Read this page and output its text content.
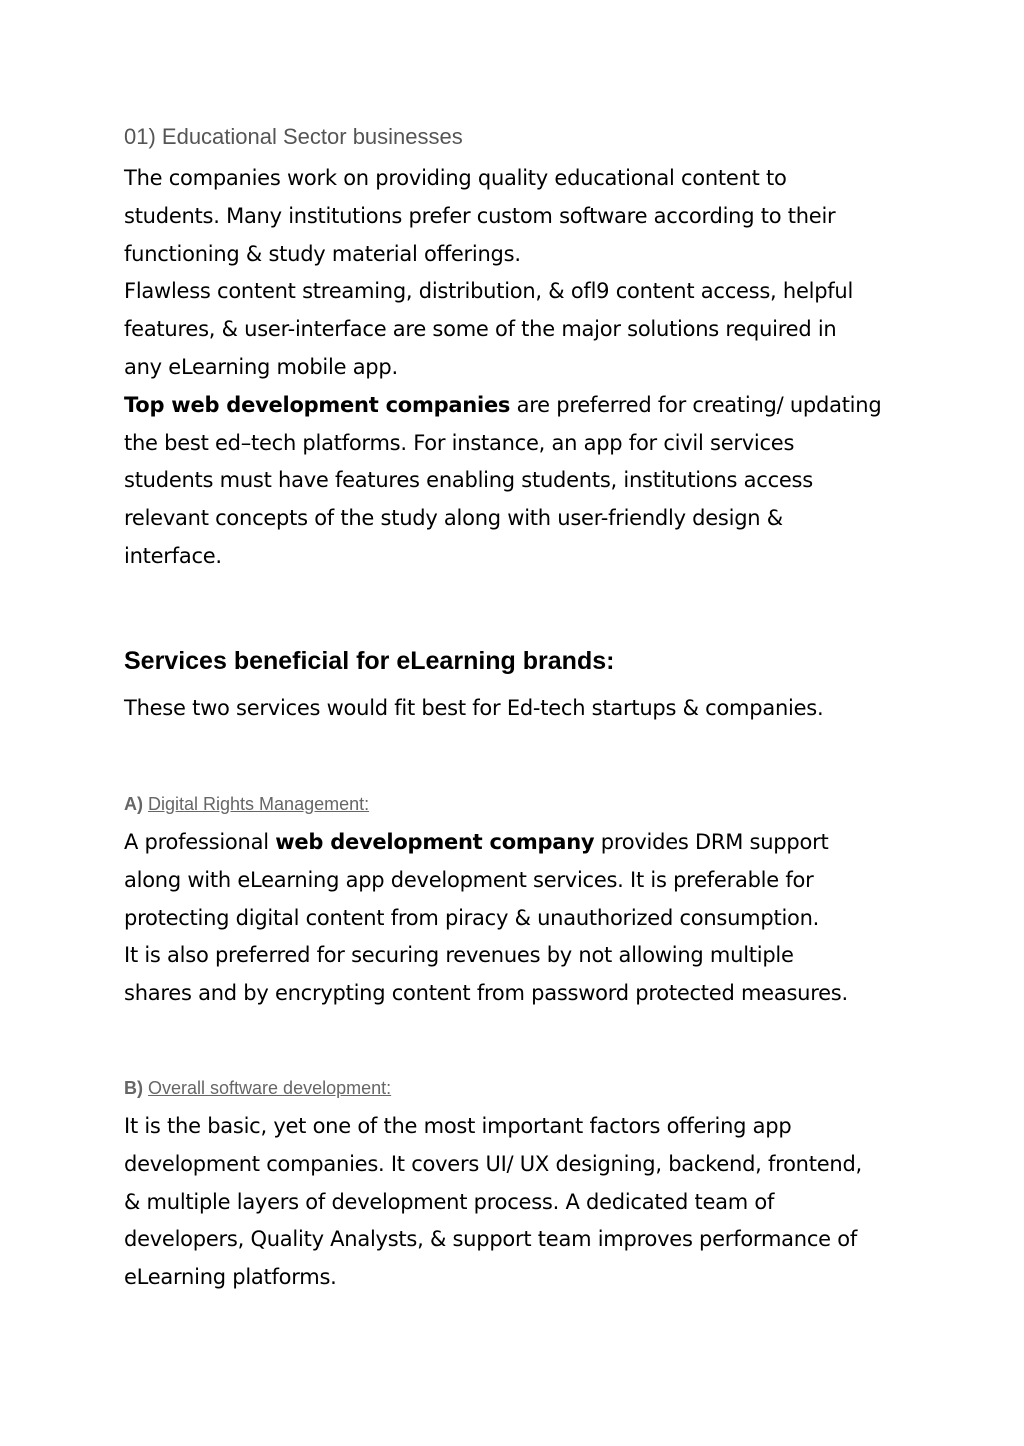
01) Educational Sector businesses
The companies work on providing quality educational content to
students. Many institutions prefer custom software according to their
functioning & study material offerings.
Flawless content streaming, distribution, & ofl9 content access, helpful
features, & user-interface are some of the major solutions required in
any eLearning mobile app.
Top web development companies are preferred for creating/ updating
the best ed–tech platforms. For instance, an app for civil services
students must have features enabling students, institutions access
relevant concepts of the study along with user-friendly design &
interface.
Services beneficial for eLearning brands:
These two services would fit best for Ed-tech startups & companies.
A) Digital Rights Management:
A professional web development company provides DRM support
along with eLearning app development services. It is preferable for
protecting digital content from piracy & unauthorized consumption.
It is also preferred for securing revenues by not allowing multiple
shares and by encrypting content from password protected measures.
B) Overall software development:
It is the basic, yet one of the most important factors offering app
development companies. It covers UI/ UX designing, backend, frontend,
& multiple layers of development process. A dedicated team of
developers, Quality Analysts, & support team improves performance of
eLearning platforms.
